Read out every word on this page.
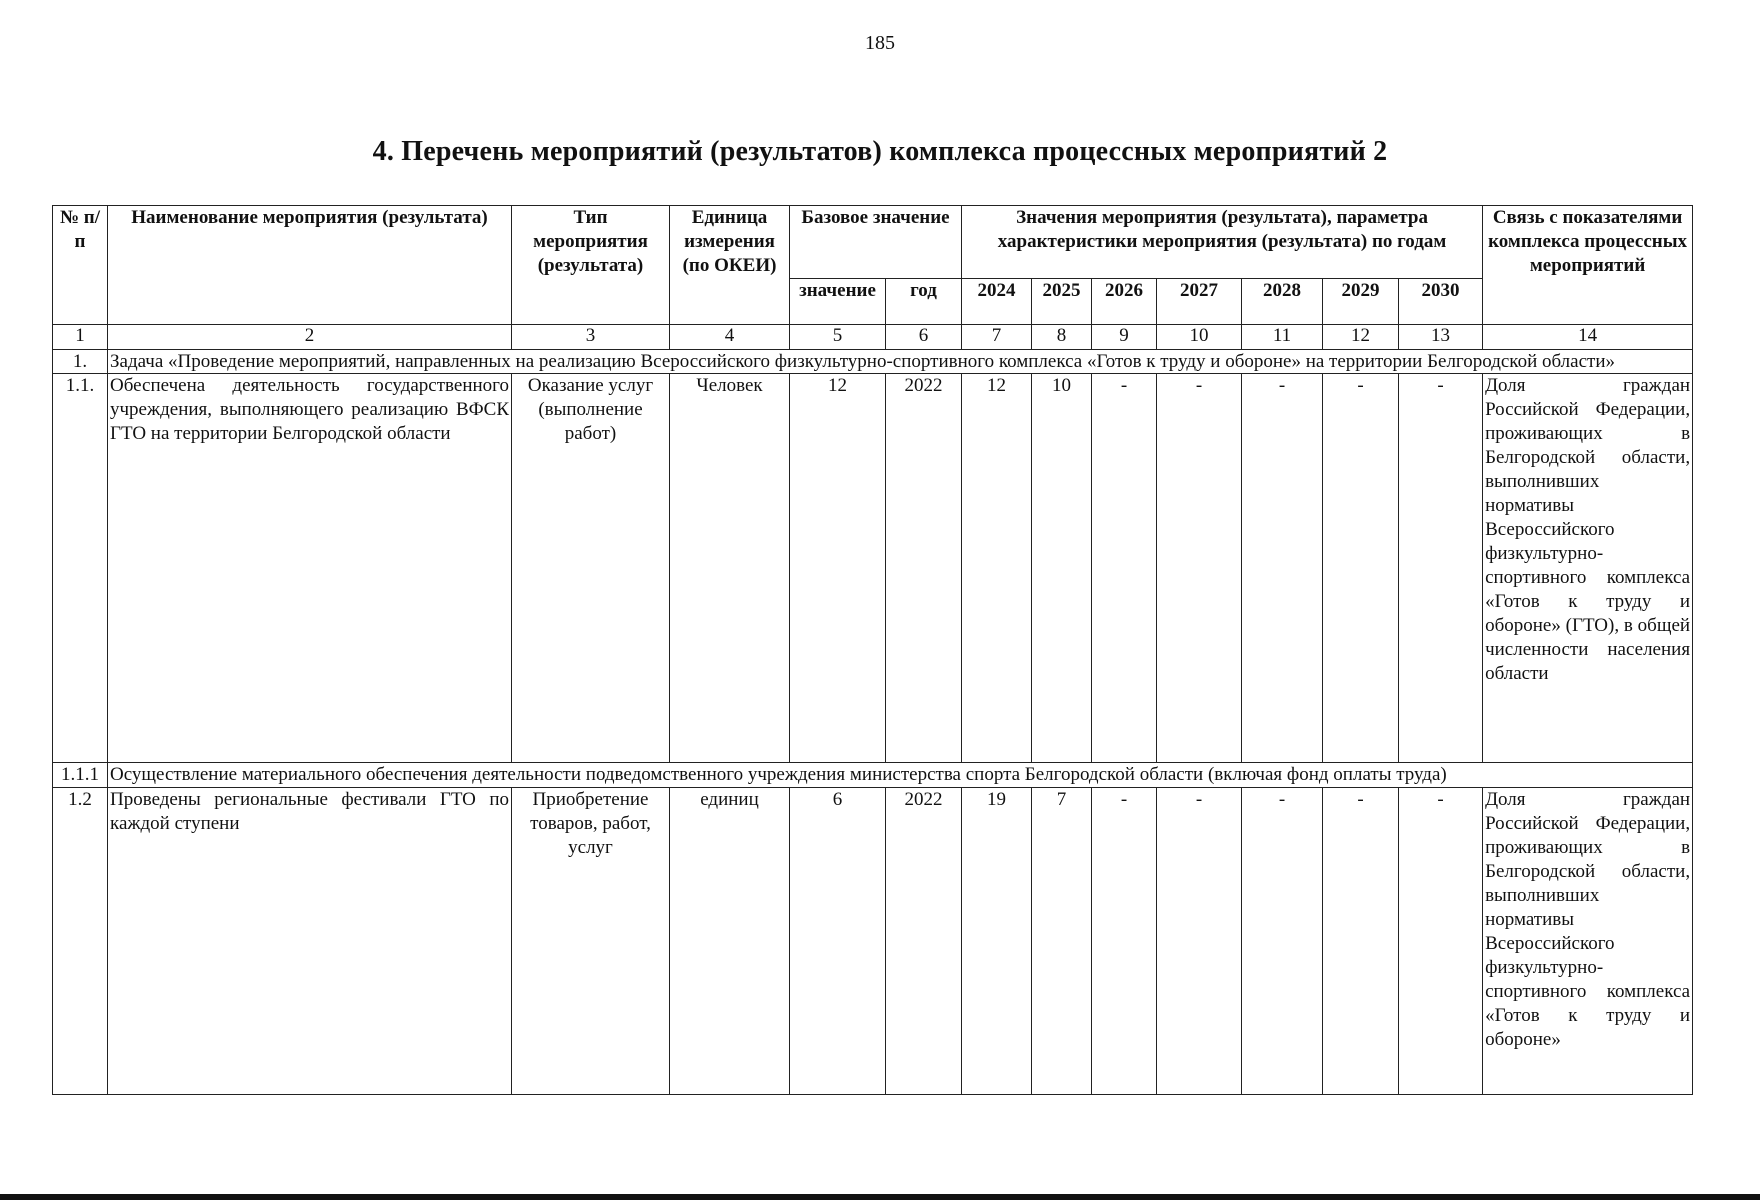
185
4. Перечень мероприятий (результатов) комплекса процессных мероприятий 2
№ п/п	Наименование мероприятия (результата)	Тип мероприятия (результата)	Единица измерения (по ОКЕИ)	Базовое значение		Значения мероприятия (результата), параметра характеристики мероприятия (результата) по годам							Связь с показателями комплекса процессных мероприятий
				значение	год	2024	2025	2026	2027	2028	2029	2030	
1	2	3	4	5	6	7	8	9	10	11	12	13	14
1.	Задача «Проведение мероприятий, направленных на реализацию Всероссийского физкультурно-спортивного комплекса «Готов к труду и обороне» на территории Белгородской области»												
1.1.	Обеспечена деятельность государственного учреждения, выполняющего реализацию ВФСК ГТО на территории Белгородской области	Оказание услуг (выполнение работ)	Человек	12	2022	12	10	-	-	-	-	-	Доля граждан Российской Федерации, проживающих в Белгородской области, выполнивших нормативы Всероссийского физкультурно-спортивного комплекса «Готов к труду и обороне» (ГТО), в общей численности населения области
1.1.1	Осуществление материального обеспечения деятельности подведомственного учреждения министерства спорта Белгородской области (включая фонд оплаты труда)												
1.2	Проведены региональные фестивали ГТО по каждой ступени	Приобретение товаров, работ, услуг	единиц	6	2022	19	7	-	-	-	-	-	Доля граждан Российской Федерации, проживающих в Белгородской области, выполнивших нормативы Всероссийского физкультурно-спортивного комплекса «Готов к труду и обороне»
